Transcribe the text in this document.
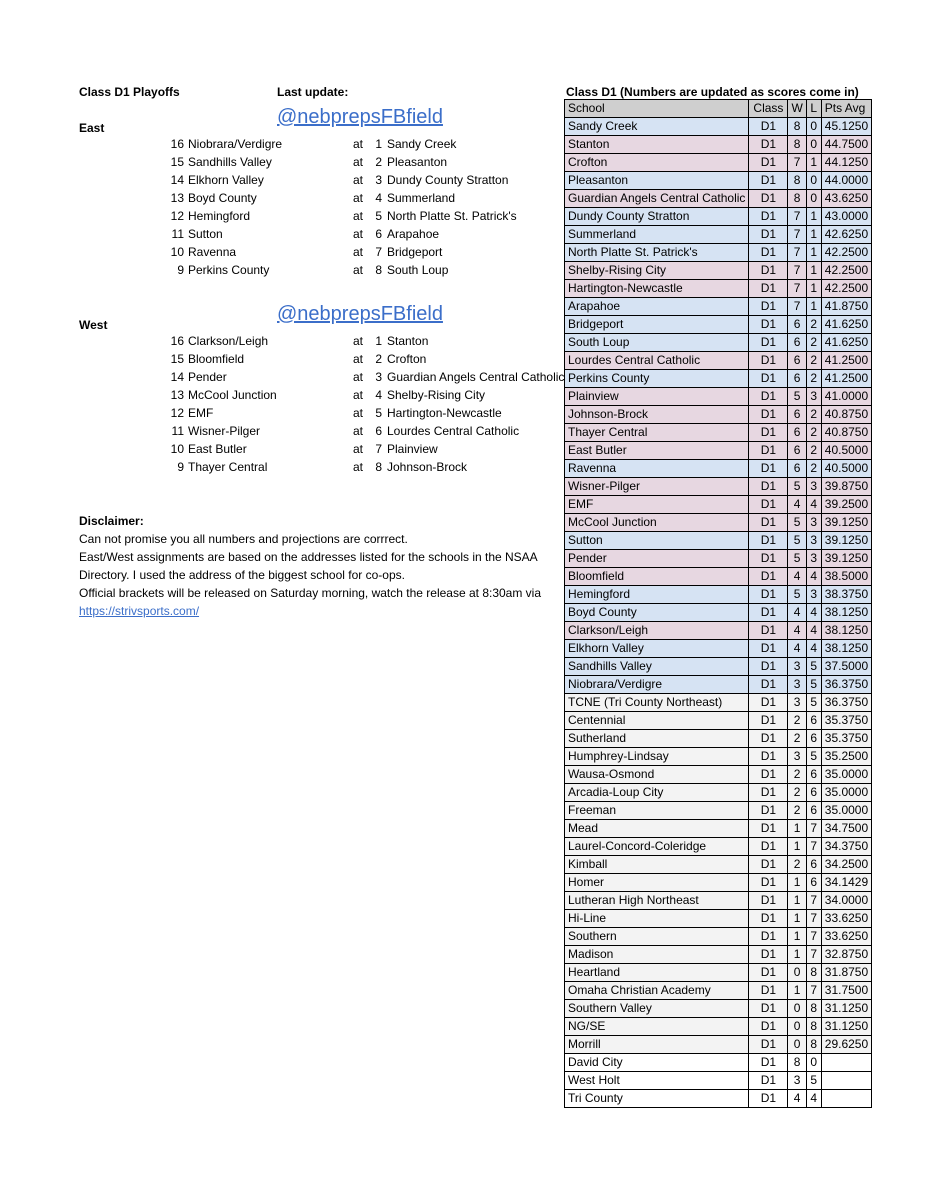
Class D1 Playoffs	Last update:
@nebprepsFBfield
East
16 Niobrara/Verdigre	at	1 Sandy Creek
15 Sandhills Valley	at	2 Pleasanton
14 Elkhorn Valley	at	3 Dundy County Stratton
13 Boyd County	at	4 Summerland
12 Hemingford	at	5 North Platte St. Patrick's
11 Sutton	at	6 Arapahoe
10 Ravenna	at	7 Bridgeport
9 Perkins County	at	8 South Loup
@nebprepsFBfield
West
16 Clarkson/Leigh	at	1 Stanton
15 Bloomfield	at	2 Crofton
14 Pender	at	3 Guardian Angels Central Catholic
13 McCool Junction	at	4 Shelby-Rising City
12 EMF	at	5 Hartington-Newcastle
11 Wisner-Pilger	at	6 Lourdes Central Catholic
10 East Butler	at	7 Plainview
9 Thayer Central	at	8 Johnson-Brock

Disclaimer:

Can not promise you all numbers and projections are corrrect.

East/West assignments are based on the addresses listed for the schools in the NSAA

Directory. I used the address of the biggest school for co-ops.

Official brackets will be released on Saturday morning, watch the release at 8:30am via

https://strivsports.com/

Class D1 (Numbers are updated as scores come in)
School	Class	W	L	Pts Avg
Sandy Creek	D1	8	0	45.1250
Stanton	D1	8	0	44.7500
Crofton	D1	7	1	44.1250
Pleasanton	D1	8	0	44.0000
Guardian Angels Central Catholic	D1	8	0	43.6250
Dundy County Stratton	D1	7	1	43.0000
Summerland	D1	7	1	42.6250
North Platte St. Patrick's	D1	7	1	42.2500
Shelby-Rising City	D1	7	1	42.2500
Hartington-Newcastle	D1	7	1	42.2500
Arapahoe	D1	7	1	41.8750
Bridgeport	D1	6	2	41.6250
South Loup	D1	6	2	41.6250
Lourdes Central Catholic	D1	6	2	41.2500
Perkins County	D1	6	2	41.2500
Plainview	D1	5	3	41.0000
Johnson-Brock	D1	6	2	40.8750
Thayer Central	D1	6	2	40.8750
East Butler	D1	6	2	40.5000
Ravenna	D1	6	2	40.5000
Wisner-Pilger	D1	5	3	39.8750
EMF	D1	4	4	39.2500
McCool Junction	D1	5	3	39.1250
Sutton	D1	5	3	39.1250
Pender	D1	5	3	39.1250
Bloomfield	D1	4	4	38.5000
Hemingford	D1	5	3	38.3750
Boyd County	D1	4	4	38.1250
Clarkson/Leigh	D1	4	4	38.1250
Elkhorn Valley	D1	4	4	38.1250
Sandhills Valley	D1	3	5	37.5000
Niobrara/Verdigre	D1	3	5	36.3750
TCNE (Tri County Northeast)	D1	3	5	36.3750
Centennial	D1	2	6	35.3750
Sutherland	D1	2	6	35.3750
Humphrey-Lindsay	D1	3	5	35.2500
Wausa-Osmond	D1	2	6	35.0000
Arcadia-Loup City	D1	2	6	35.0000
Freeman	D1	2	6	35.0000
Mead	D1	1	7	34.7500
Laurel-Concord-Coleridge	D1	1	7	34.3750
Kimball	D1	2	6	34.2500
Homer	D1	1	6	34.1429
Lutheran High Northeast	D1	1	7	34.0000
Hi-Line	D1	1	7	33.6250
Southern	D1	1	7	33.6250
Madison	D1	1	7	32.8750
Heartland	D1	0	8	31.8750
Omaha Christian Academy	D1	1	7	31.7500
Southern Valley	D1	0	8	31.1250
NG/SE	D1	0	8	31.1250
Morrill	D1	0	8	29.6250
David City	D1	8	0	
West Holt	D1	3	5	
Tri County	D1	4	4	
